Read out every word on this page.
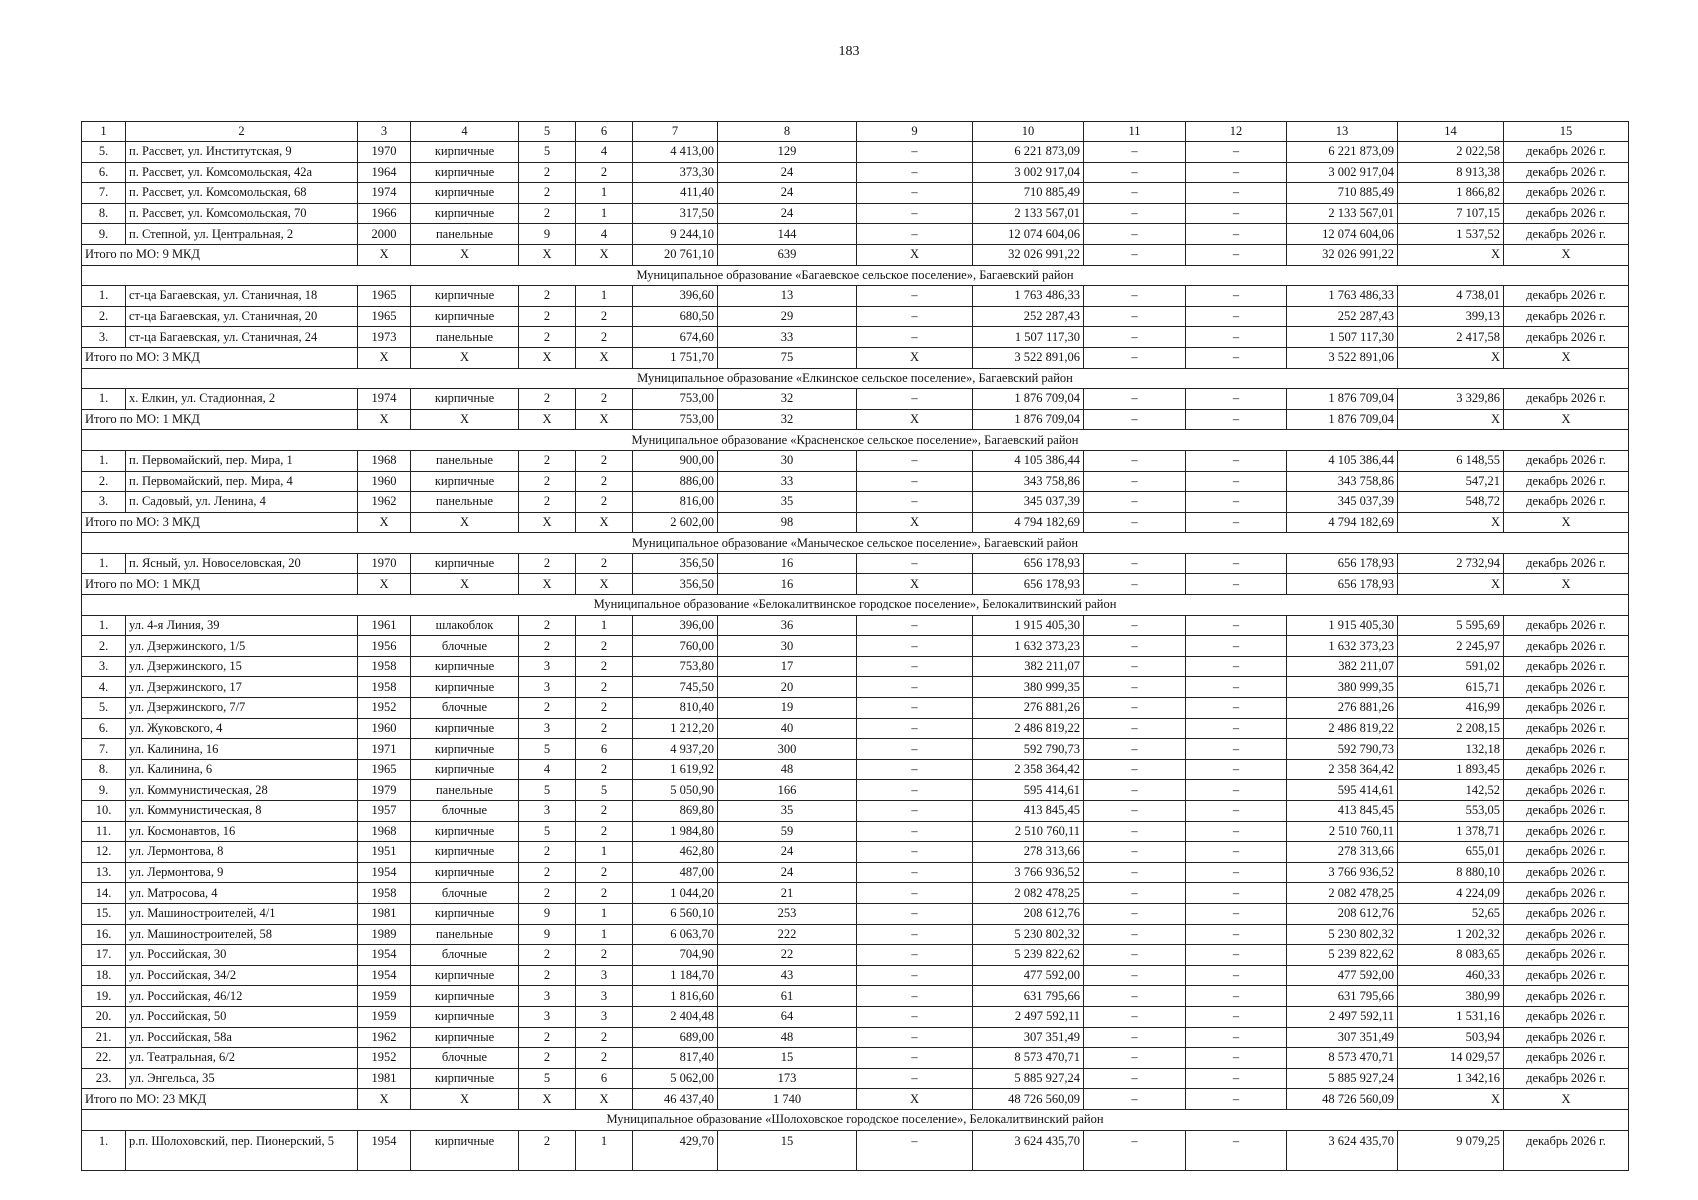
183
1	2	3	4	5	6	7	8	9	10	11	12	13	14	15
5.	п. Рассвет, ул. Институтская, 9	1970	кирпичные	5	4	4 413,00	129	–	6 221 873,09	–	–	6 221 873,09	2 022,58	декабрь 2026 г.
6.	п. Рассвет, ул. Комсомольская, 42а	1964	кирпичные	2	2	373,30	24	–	3 002 917,04	–	–	3 002 917,04	8 913,38	декабрь 2026 г.
7.	п. Рассвет, ул. Комсомольская, 68	1974	кирпичные	2	1	411,40	24	–	710 885,49	–	–	710 885,49	1 866,82	декабрь 2026 г.
8.	п. Рассвет, ул. Комсомольская, 70	1966	кирпичные	2	1	317,50	24	–	2 133 567,01	–	–	2 133 567,01	7 107,15	декабрь 2026 г.
9.	п. Степной, ул. Центральная, 2	2000	панельные	9	4	9 244,10	144	–	12 074 604,06	–	–	12 074 604,06	1 537,52	декабрь 2026 г.
Итого по МО: 9 МКД		X	X	X	X	20 761,10	639	X	32 026 991,22	–	–	32 026 991,22	X	X
Муниципальное образование «Багаевское сельское поселение», Багаевский район														
1.	ст-ца Багаевская, ул. Станичная, 18	1965	кирпичные	2	1	396,60	13	–	1 763 486,33	–	–	1 763 486,33	4 738,01	декабрь 2026 г.
2.	ст-ца Багаевская, ул. Станичная, 20	1965	кирпичные	2	2	680,50	29	–	252 287,43	–	–	252 287,43	399,13	декабрь 2026 г.
3.	ст-ца Багаевская, ул. Станичная, 24	1973	панельные	2	2	674,60	33	–	1 507 117,30	–	–	1 507 117,30	2 417,58	декабрь 2026 г.
Итого по МО: 3 МКД		X	X	X	X	1 751,70	75	X	3 522 891,06	–	–	3 522 891,06	X	X
Муниципальное образование «Елкинское сельское поселение», Багаевский район														
1.	х. Елкин, ул. Стадионная, 2	1974	кирпичные	2	2	753,00	32	–	1 876 709,04	–	–	1 876 709,04	3 329,86	декабрь 2026 г.
Итого по МО: 1 МКД		X	X	X	X	753,00	32	X	1 876 709,04	–	–	1 876 709,04	X	X
Муниципальное образование «Красненское сельское поселение», Багаевский район														
1.	п. Первомайский, пер. Мира, 1	1968	панельные	2	2	900,00	30	–	4 105 386,44	–	–	4 105 386,44	6 148,55	декабрь 2026 г.
2.	п. Первомайский, пер. Мира, 4	1960	кирпичные	2	2	886,00	33	–	343 758,86	–	–	343 758,86	547,21	декабрь 2026 г.
3.	п. Садовый, ул. Ленина, 4	1962	панельные	2	2	816,00	35	–	345 037,39	–	–	345 037,39	548,72	декабрь 2026 г.
Итого по МО: 3 МКД		X	X	X	X	2 602,00	98	X	4 794 182,69	–	–	4 794 182,69	X	X
Муниципальное образование «Маныческое сельское поселение», Багаевский район														
1.	п. Ясный, ул. Новоселовская, 20	1970	кирпичные	2	2	356,50	16	–	656 178,93	–	–	656 178,93	2 732,94	декабрь 2026 г.
Итого по МО: 1 МКД		X	X	X	X	356,50	16	X	656 178,93	–	–	656 178,93	X	X
Муниципальное образование «Белокалитвинское городское поселение», Белокалитвинский район														
1.	ул. 4-я Линия, 39	1961	шлакоблок	2	1	396,00	36	–	1 915 405,30	–	–	1 915 405,30	5 595,69	декабрь 2026 г.
2.	ул. Дзержинского, 1/5	1956	блочные	2	2	760,00	30	–	1 632 373,23	–	–	1 632 373,23	2 245,97	декабрь 2026 г.
3.	ул. Дзержинского, 15	1958	кирпичные	3	2	753,80	17	–	382 211,07	–	–	382 211,07	591,02	декабрь 2026 г.
4.	ул. Дзержинского, 17	1958	кирпичные	3	2	745,50	20	–	380 999,35	–	–	380 999,35	615,71	декабрь 2026 г.
5.	ул. Дзержинского, 7/7	1952	блочные	2	2	810,40	19	–	276 881,26	–	–	276 881,26	416,99	декабрь 2026 г.
6.	ул. Жуковского, 4	1960	кирпичные	3	2	1 212,20	40	–	2 486 819,22	–	–	2 486 819,22	2 208,15	декабрь 2026 г.
7.	ул. Калинина, 16	1971	кирпичные	5	6	4 937,20	300	–	592 790,73	–	–	592 790,73	132,18	декабрь 2026 г.
8.	ул. Калинина, 6	1965	кирпичные	4	2	1 619,92	48	–	2 358 364,42	–	–	2 358 364,42	1 893,45	декабрь 2026 г.
9.	ул. Коммунистическая, 28	1979	панельные	5	5	5 050,90	166	–	595 414,61	–	–	595 414,61	142,52	декабрь 2026 г.
10.	ул. Коммунистическая, 8	1957	блочные	3	2	869,80	35	–	413 845,45	–	–	413 845,45	553,05	декабрь 2026 г.
11.	ул. Космонавтов, 16	1968	кирпичные	5	2	1 984,80	59	–	2 510 760,11	–	–	2 510 760,11	1 378,71	декабрь 2026 г.
12.	ул. Лермонтова, 8	1951	кирпичные	2	1	462,80	24	–	278 313,66	–	–	278 313,66	655,01	декабрь 2026 г.
13.	ул. Лермонтова, 9	1954	кирпичные	2	2	487,00	24	–	3 766 936,52	–	–	3 766 936,52	8 880,10	декабрь 2026 г.
14.	ул. Матросова, 4	1958	блочные	2	2	1 044,20	21	–	2 082 478,25	–	–	2 082 478,25	4 224,09	декабрь 2026 г.
15.	ул. Машиностроителей, 4/1	1981	кирпичные	9	1	6 560,10	253	–	208 612,76	–	–	208 612,76	52,65	декабрь 2026 г.
16.	ул. Машиностроителей, 58	1989	панельные	9	1	6 063,70	222	–	5 230 802,32	–	–	5 230 802,32	1 202,32	декабрь 2026 г.
17.	ул. Российская, 30	1954	блочные	2	2	704,90	22	–	5 239 822,62	–	–	5 239 822,62	8 083,65	декабрь 2026 г.
18.	ул. Российская, 34/2	1954	кирпичные	2	3	1 184,70	43	–	477 592,00	–	–	477 592,00	460,33	декабрь 2026 г.
19.	ул. Российская, 46/12	1959	кирпичные	3	3	1 816,60	61	–	631 795,66	–	–	631 795,66	380,99	декабрь 2026 г.
20.	ул. Российская, 50	1959	кирпичные	3	3	2 404,48	64	–	2 497 592,11	–	–	2 497 592,11	1 531,16	декабрь 2026 г.
21.	ул. Российская, 58а	1962	кирпичные	2	2	689,00	48	–	307 351,49	–	–	307 351,49	503,94	декабрь 2026 г.
22.	ул. Театральная, 6/2	1952	блочные	2	2	817,40	15	–	8 573 470,71	–	–	8 573 470,71	14 029,57	декабрь 2026 г.
23.	ул. Энгельса, 35	1981	кирпичные	5	6	5 062,00	173	–	5 885 927,24	–	–	5 885 927,24	1 342,16	декабрь 2026 г.
Итого по МО: 23 МКД		X	X	X	X	46 437,40	1 740	X	48 726 560,09	–	–	48 726 560,09	X	X
Муниципальное образование «Шолоховское городское поселение», Белокалитвинский район														
1.	р.п. Шолоховский, пер. Пионерский, 5	1954	кирпичные	2	1	429,70	15	–	3 624 435,70	–	–	3 624 435,70	9 079,25	декабрь 2026 г.
